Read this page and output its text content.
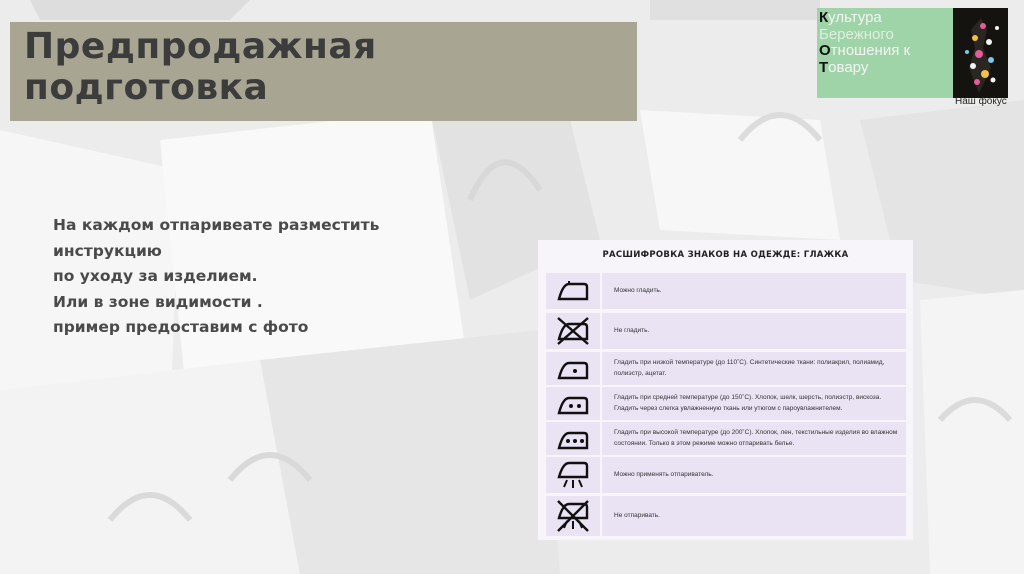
Предпродажная
подготовка
Культура
Бережного
Отношения к
Товару
Наш фокус
На каждом отпаривеате разместить
инструкцию
по уходу за изделием.
Или в зоне видимости .
пример предоставим с фото
РАСШИФРОВКА ЗНАКОВ НА ОДЕЖДЕ: ГЛАЖКА
Можно гладить.
Не гладить.
Гладить при низкой температуре (до 110˚С). Синтетические ткани: полиакрил, полиамид, полиэстр, ацетат.
Гладить при средней температуре (до 150˚С). Хлопок, шелк, шерсть, полиэстр, вискоза. Гладить через слегка увлажненную ткань или утюгом с пароувлажнителем.
Гладить при высокой температуре (до 200˚С). Хлопок, лен, текстильные изделия во влажном состоянии. Только в этом режиме можно отпаривать белье.
Можно применять отпариватель.
Не отпаривать.
